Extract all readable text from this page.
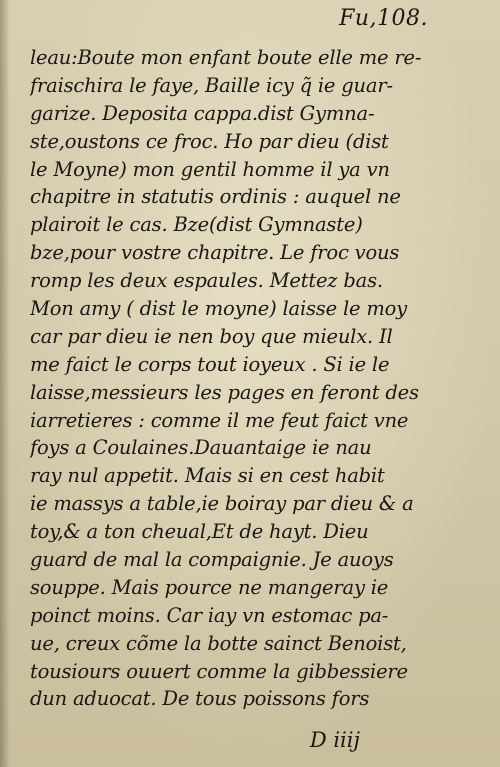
Fu,108.

leau:Boute mon enfant boute elle me re-
fraischira le faye, Baille icy q̃ ie guar-
garize. Deposita cappa.dist Gymna-
ste,oustons ce froc. Ho par dieu (dist
le Moyne) mon gentil homme il ya vn
chapitre in statutis ordinis : auquel ne
plairoit le cas. Bze(dist Gymnaste)
bze,pour vostre chapitre. Le froc vous
romp les deux espaules. Mettez bas.
Mon amy ( dist le moyne) laisse le moy
car par dieu ie nen boy que mieulx. Il
me faict le corps tout ioyeux . Si ie le
laisse,messieurs les pages en feront des
iarretieres : comme il me feut faict vne
foys a Coulaines.Dauantaige ie nau
ray nul appetit. Mais si en cest habit
ie massys a table,ie boiray par dieu & a
toy,& a ton cheual,Et de hayt. Dieu
guard de mal la compaignie. Je auoys
souppe. Mais pource ne mangeray ie
poinct moins. Car iay vn estomac pa-
ue, creux cõme la botte sainct Benoist,
tousiours ouuert comme la gibbessiere
dun aduocat. De tous poissons fors

D iiij
